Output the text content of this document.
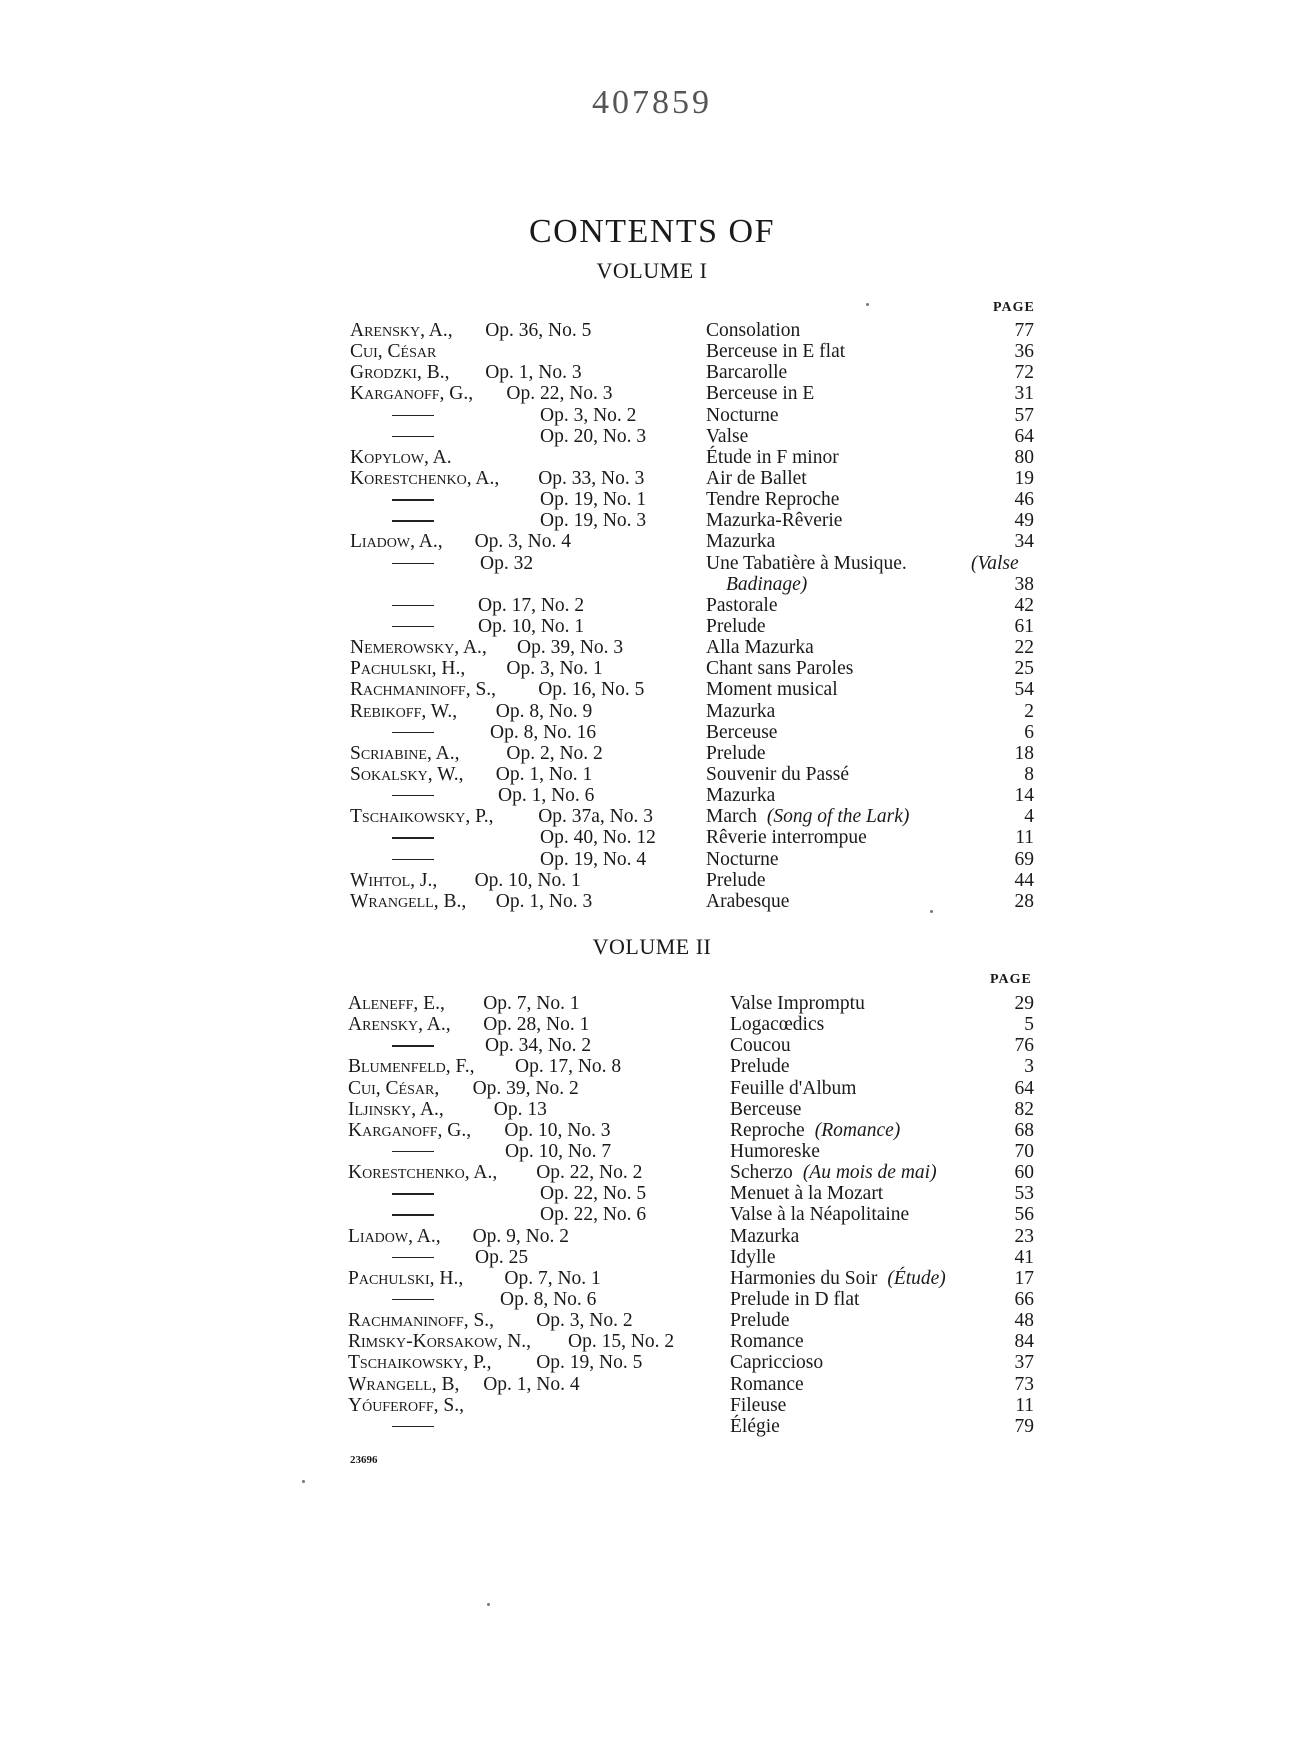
407859
CONTENTS OF
VOLUME I
PAGE
Arensky, A., Op. 36, No. 5	Consolation	77
Cui, César	Berceuse in E flat	36
Grodzki, B., Op. 1, No. 3	Barcarolle	72
Karganoff, G., Op. 22, No. 3	Berceuse in E	31
Op. 3, No. 2	Nocturne	57
Op. 20, No. 3	Valse	64
Kopylow, A.	Étude in F minor	80
Korestchenko, A., Op. 33, No. 3	Air de Ballet	19
Op. 19, No. 1	Tendre Reproche	46
Op. 19, No. 3	Mazurka-Rêverie	49
Liadow, A., Op. 3, No. 4	Mazurka	34
Op. 32	Une Tabatière à Musique.	(Valse
Badinage)	38
Op. 17, No. 2	Pastorale	42
Op. 10, No. 1	Prelude	61
Nemerowsky, A., Op. 39, No. 3	Alla Mazurka	22
Pachulski, H., Op. 3, No. 1	Chant sans Paroles	25
Rachmaninoff, S., Op. 16, No. 5	Moment musical	54
Rebikoff, W., Op. 8, No. 9	Mazurka	2
Op. 8, No. 16	Berceuse	6
Scriabine, A., Op. 2, No. 2	Prelude	18
Sokalsky, W., Op. 1, No. 1	Souvenir du Passé	8
Op. 1, No. 6	Mazurka	14
Tschaikowsky, P., Op. 37a, No. 3	March (Song of the Lark)	4
Op. 40, No. 12	Rêverie interrompue	11
Op. 19, No. 4	Nocturne	69
Wihtol, J., Op. 10, No. 1	Prelude	44
Wrangell, B., Op. 1, No. 3	Arabesque	28
VOLUME II
PAGE
Aleneff, E., Op. 7, No. 1	Valse Impromptu	29
Arensky, A., Op. 28, No. 1	Logacœdics	5
Op. 34, No. 2	Coucou	76
Blumenfeld, F., Op. 17, No. 8	Prelude	3
Cui, César, Op. 39, No. 2	Feuille d'Album	64
Iljinsky, A.,	Op. 13	Berceuse	82
Karganoff, G., Op. 10, No. 3	Reproche (Romance)	68
Op. 10, No. 7	Humoreske	70
Korestchenko, A., Op. 22, No. 2	Scherzo (Au mois de mai)	60
Op. 22, No. 5	Menuet à la Mozart	53
Op. 22, No. 6	Valse à la Néapolitaine	56
Liadow, A., Op. 9, No. 2	Mazurka	23
Op. 25	Idylle	41
Pachulski, H., Op. 7, No. 1	Harmonies du Soir (Étude)	17
Op. 8, No. 6	Prelude in D flat	66
Rachmaninoff, S., Op. 3, No. 2	Prelude	48
Rimsky-Korsakow, N., Op. 15, No. 2	Romance	84
Tschaikowsky, P., Op. 19, No. 5	Capriccioso	37
Wrangell, B, Op. 1, No. 4	Romance	73
Yóuferoff, S.,	Fileuse	11
Élégie	79
23696
